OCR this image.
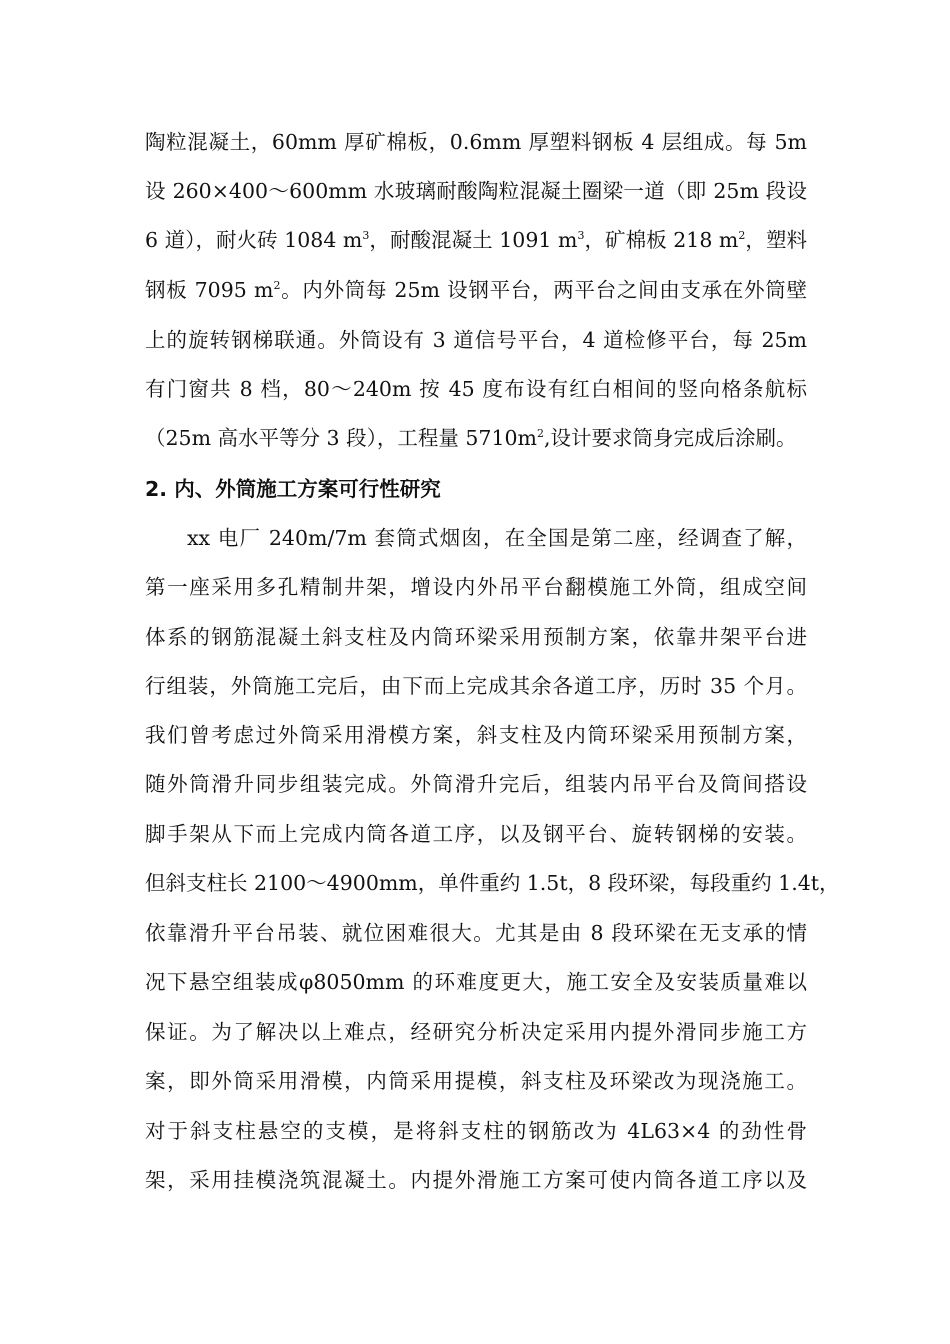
陶粒混凝土，60mm 厚矿棉板，0.6mm 厚塑料钢板 4 层组成。每 5m
设 260×400～600mm 水玻璃耐酸陶粒混凝土圈梁一道（即 25m 段设
6 道），耐火砖 1084 $m^3$，耐酸混凝土 1091 $m^3$，矿棉板 218 $m^2$，塑料
钢板 7095 $m^2$。内外筒每 25m 设钢平台，两平台之间由支承在外筒壁
上的旋转钢梯联通。外筒设有 3 道信号平台，4 道检修平台，每 25m
有门窗共 8 档，80～240m 按 45 度布设有红白相间的竖向格条航标
（25m 高水平等分 3 段），工程量 $5710m^2$,设计要求筒身完成后涂刷。
2. 内、外筒施工方案可行性研究
xx 电厂 240m/7m 套筒式烟囱，在全国是第二座，经调查了解，
第一座采用多孔精制井架，增设内外吊平台翻模施工外筒，组成空间
体系的钢筋混凝土斜支柱及内筒环梁采用预制方案，依靠井架平台进
行组装，外筒施工完后，由下而上完成其余各道工序，历时 35 个月。
我们曾考虑过外筒采用滑模方案，斜支柱及内筒环梁采用预制方案，
随外筒滑升同步组装完成。外筒滑升完后，组装内吊平台及筒间搭设
脚手架从下而上完成内筒各道工序，以及钢平台、旋转钢梯的安装。
但斜支柱长 2100～4900mm，单件重约 1.5t，8 段环梁，每段重约 1.4t，
依靠滑升平台吊装、就位困难很大。尤其是由 8 段环梁在无支承的情
况下悬空组装成φ8050mm 的环难度更大，施工安全及安装质量难以
保证。为了解决以上难点，经研究分析决定采用内提外滑同步施工方
案，即外筒采用滑模，内筒采用提模，斜支柱及环梁改为现浇施工。
对于斜支柱悬空的支模，是将斜支柱的钢筋改为 4L63×4 的劲性骨
架，采用挂模浇筑混凝土。内提外滑施工方案可使内筒各道工序以及
